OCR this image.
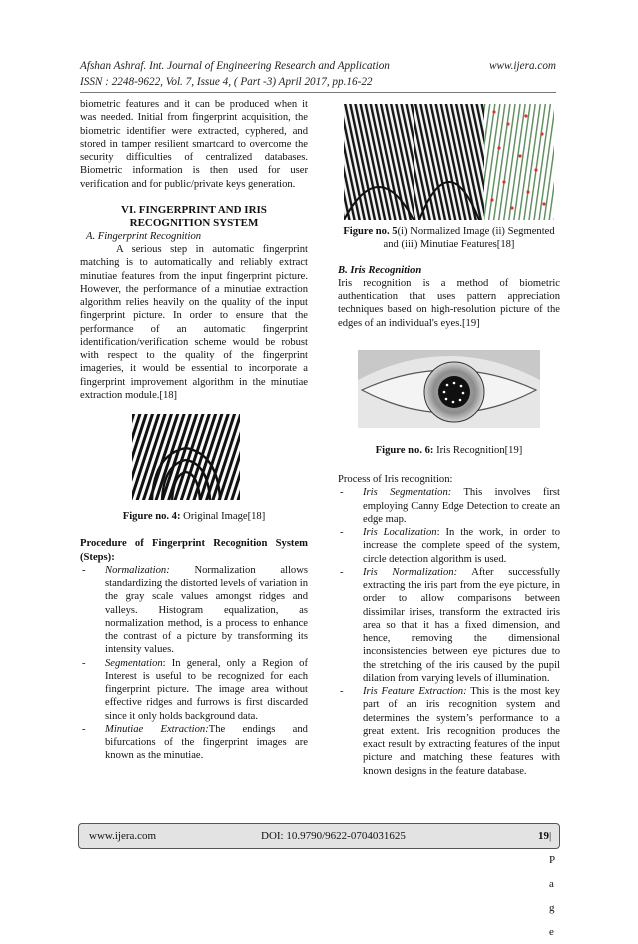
Afshan Ashraf. Int. Journal of Engineering Research and Application	www.ijera.com
ISSN : 2248-9622, Vol. 7, Issue 4, ( Part -3) April 2017, pp.16-22

biometric features and it can be produced when it was needed. Initial from fingerprint acquisition, the biometric identifier were extracted, cyphered, and stored in tamper resilient smartcard to overcome the security difficulties of centralized databases. Biometric information is then used for user verification and for public/private keys generation.

VI. FINGERPRINT AND IRIS
RECOGNITION SYSTEM

A. Fingerprint Recognition

A serious step in automatic fingerprint matching is to automatically and reliably extract minutiae features from the input fingerprint picture. However, the performance of a minutiae extraction algorithm relies heavily on the quality of the input fingerprint picture. In order to ensure that the performance of an automatic fingerprint identification/verification scheme would be robust with respect to the quality of the fingerprint imageries, it would be essential to incorporate a fingerprint improvement algorithm in the minutiae extraction module.[18]

Figure no. 4: Original Image[18]

Procedure of Fingerprint Recognition System (Steps):

- Normalization: Normalization allows standardizing the distorted levels of variation in the gray scale values amongst ridges and valleys. Histogram equalization, as normalization method, is a process to enhance the contrast of a picture by transforming its intensity values.
- Segmentation: In general, only a Region of Interest is useful to be recognized for each fingerprint picture. The image area without effective ridges and furrows is first discarded since it only holds background data.
- Minutiae Extraction:The endings and bifurcations of the fingerprint images are known as the minutiae.

Figure no. 5(i) Normalized Image (ii) Segmented and (iii) Minutiae Features[18]

B. Iris Recognition

Iris recognition is a method of biometric authentication that uses pattern appreciation techniques based on high-resolution picture of the edges of an individual's eyes.[19]

Figure no. 6: Iris Recognition[19]

Process of Iris recognition:

- Iris Segmentation: This involves first employing Canny Edge Detection to create an edge map.
- Iris Localization: In the work, in order to increase the complete speed of the system, circle detection algorithm is used.
- Iris Normalization: After successfully extracting the iris part from the eye picture, in order to allow comparisons between dissimilar irises, transform the extracted iris area so that it has a fixed dimension, and hence, removing the dimensional inconsistencies between eye pictures due to the stretching of the iris caused by the pupil dilation from varying levels of illumination.
- Iris Feature Extraction: This is the most key part of an iris recognition system and determines the system’s performance to a great extent. Iris recognition produces the exact result by extracting features of the input picture and matching these features with known designs in the feature database.
www.ijera.com	DOI: 10.9790/9622-0704031625	19 | P a g e
